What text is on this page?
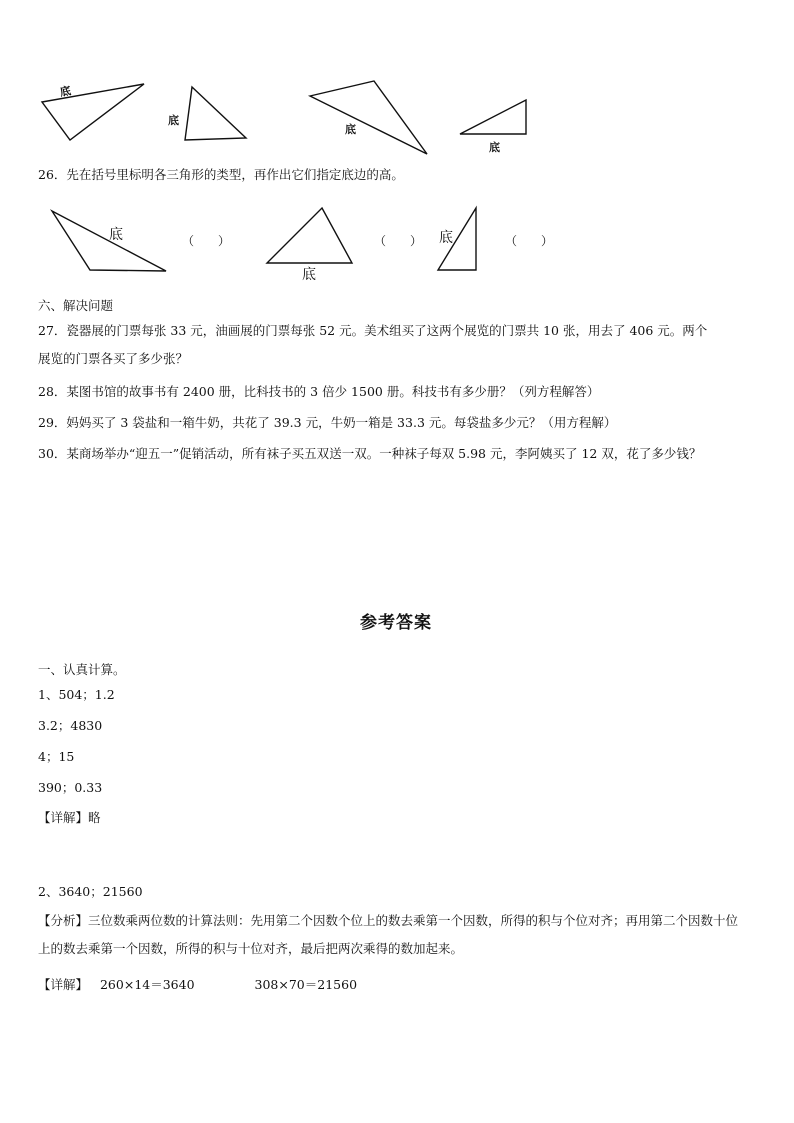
底
底
底
底
26．先在括号里标明各三角形的类型，再作出它们指定底边的高。
底
底
底
（　　）	（　　）	（　　）
六、解决问题
27．瓷器展的门票每张 33 元，油画展的门票每张 52 元。美术组买了这两个展览的门票共 10 张，用去了 406 元。两个
展览的门票各买了多少张？
28．某图书馆的故事书有 2400 册，比科技书的 3 倍少 1500 册。科技书有多少册？（列方程解答）
29．妈妈买了 3 袋盐和一箱牛奶，共花了 39.3 元，牛奶一箱是 33.3 元。每袋盐多少元？（用方程解）
30．某商场举办“迎五一”促销活动，所有袜子买五双送一双。一种袜子每双 5.98 元，李阿姨买了 12 双，花了多少钱？
参考答案
一、认真计算。
1、504；1.2
3.2；4830
4；15
390；0.33
【详解】略
2、3640；21560
【分析】三位数乘两位数的计算法则：先用第二个因数个位上的数去乘第一个因数，所得的积与个位对齐；再用第二个因数十位上的数去乘第一个因数，所得的积与十位对齐，最后把两次乘得的数加起来。
【详解】 260×14＝3640	308×70＝21560
